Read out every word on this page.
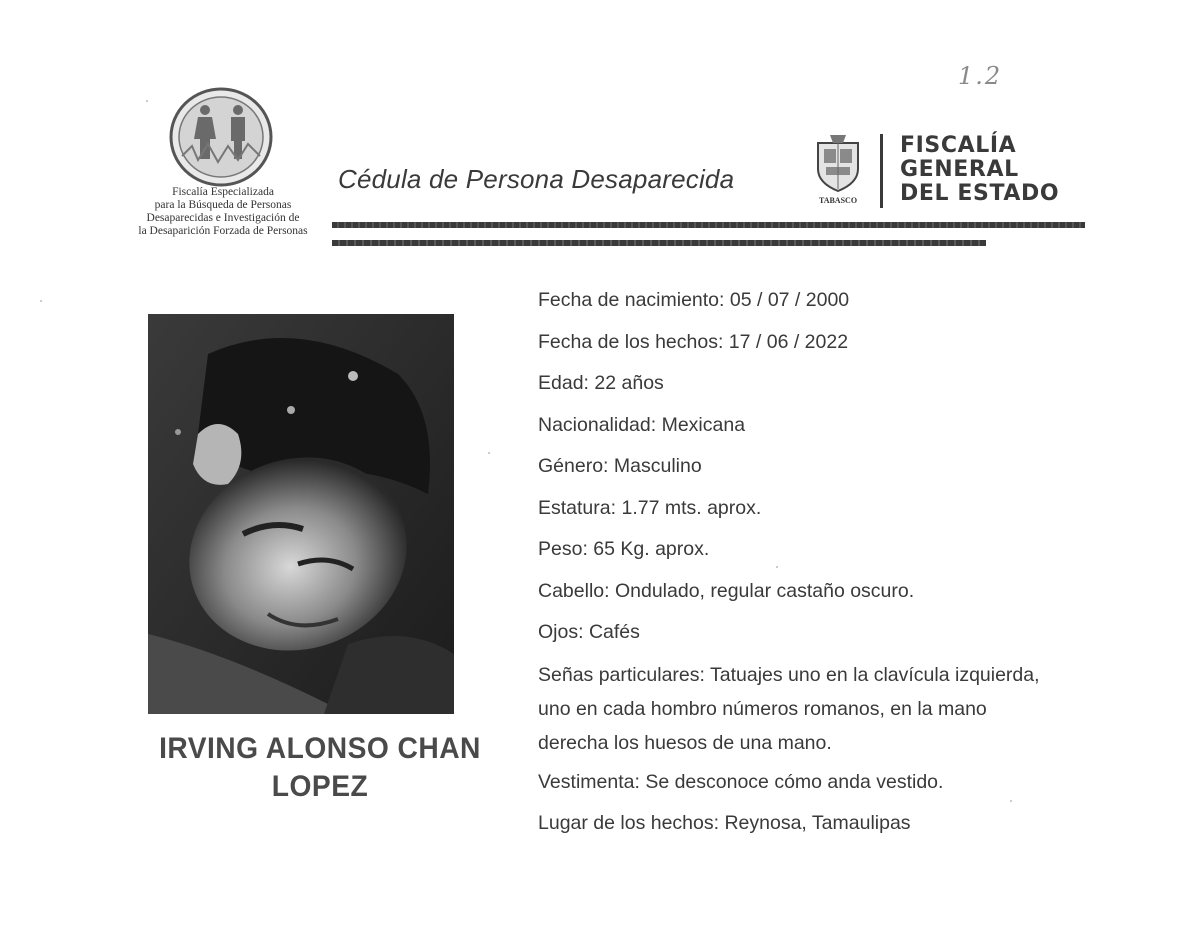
1.2
Fiscalía Especializada
para la Búsqueda de Personas
Desaparecidas e Investigación de
la Desaparición Forzada de Personas
Cédula de Persona Desaparecida
TABASCO
FISCALÍA
GENERAL
DEL ESTADO
IRVING ALONSO CHAN
LOPEZ
Fecha de nacimiento: 05 / 07 / 2000
Fecha de los hechos: 17 / 06 / 2022
Edad: 22 años
Nacionalidad: Mexicana
Género: Masculino
Estatura: 1.77 mts. aprox.
Peso: 65 Kg. aprox.
Cabello: Ondulado, regular castaño oscuro.
Ojos: Cafés
Señas particulares: Tatuajes uno en la clavícula izquierda, uno en cada hombro números romanos, en la mano derecha los huesos de una mano.
Vestimenta: Se desconoce cómo anda vestido.
Lugar de los hechos: Reynosa, Tamaulipas
